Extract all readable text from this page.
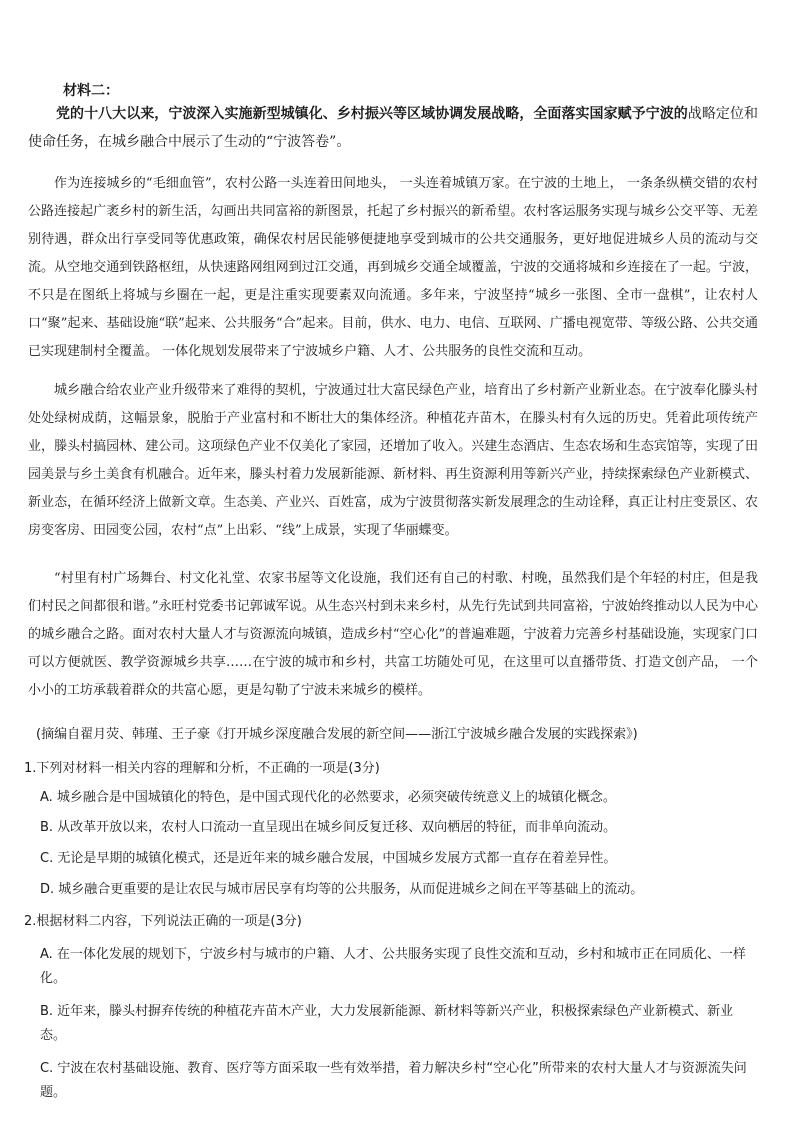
材料二：

党的十八大以来，宁波深入实施新型城镇化、乡村振兴等区域协调发展战略，全面落实国家赋予宁波的战略定位和使命任务，在城乡融合中展示了生动的“宁波答卷”。

作为连接城乡的“毛细血管”，农村公路一头连着田间地头， 一头连着城镇万家。在宁波的土地上， 一条条纵横交错的农村公路连接起广袤乡村的新生活，勾画出共同富裕的新图景，托起了乡村振兴的新希望。农村客运服务实现与城乡公交平等、无差别待遇，群众出行享受同等优惠政策，确保农村居民能够便捷地享受到城市的公共交通服务，更好地促进城乡人员的流动与交流。从空地交通到铁路枢纽，从快速路网组网到过江交通，再到城乡交通全域覆盖，宁波的交通将城和乡连接在了一起。宁波，不只是在图纸上将城与乡圈在一起，更是注重实现要素双向流通。多年来，宁波坚持“城乡一张图、全市一盘棋”，让农村人口“聚”起来、基础设施“联”起来、公共服务“合”起来。目前，供水、电力、电信、互联网、广播电视宽带、等级公路、公共交通已实现建制村全覆盖。 一体化规划发展带来了宁波城乡户籍、人才、公共服务的良性交流和互动。

城乡融合给农业产业升级带来了难得的契机，宁波通过壮大富民绿色产业，培育出了乡村新产业新业态。在宁波奉化滕头村处处绿树成荫，这幅景象，脱胎于产业富村和不断壮大的集体经济。种植花卉苗木，在滕头村有久远的历史。凭着此项传统产业，滕头村搞园林、建公司。这项绿色产业不仅美化了家园，还增加了收入。兴建生态酒店、生态农场和生态宾馆等，实现了田园美景与乡土美食有机融合。近年来，滕头村着力发展新能源、新材料、再生资源利用等新兴产业，持续探索绿色产业新模式、新业态，在循环经济上做新文章。生态美、产业兴、百姓富，成为宁波贯彻落实新发展理念的生动诠释，真正让村庄变景区、农房变客房、田园变公园，农村“点”上出彩、“线”上成景，实现了华丽蝶变。

“村里有村广场舞台、村文化礼堂、农家书屋等文化设施，我们还有自己的村歌、村晚，虽然我们是个年轻的村庄，但是我们村民之间都很和谐。”永旺村党委书记郭诚军说。从生态兴村到未来乡村，从先行先试到共同富裕，宁波始终推动以人民为中心的城乡融合之路。面对农村大量人才与资源流向城镇，造成乡村“空心化”的普遍难题，宁波着力完善乡村基础设施，实现家门口可以方便就医、教学资源城乡共享……在宁波的城市和乡村，共富工坊随处可见，在这里可以直播带货、打造文创产品， 一个小小的工坊承载着群众的共富心愿，更是勾勒了宁波未来城乡的模样。

(摘编自翟月荧、韩瑾、王子豪《打开城乡深度融合发展的新空间——浙江宁波城乡融合发展的实践探索》)

1.下列对材料一相关内容的理解和分析，不正确的一项是(3分)

A. 城乡融合是中国城镇化的特色，是中国式现代化的必然要求，必须突破传统意义上的城镇化概念。

B. 从改革开放以来，农村人口流动一直呈现出在城乡间反复迁移、双向栖居的特征，而非单向流动。

C. 无论是早期的城镇化模式，还是近年来的城乡融合发展，中国城乡发展方式都一直存在着差异性。

D. 城乡融合更重要的是让农民与城市居民享有均等的公共服务，从而促进城乡之间在平等基础上的流动。

2.根据材料二内容，下列说法正确的一项是(3分)

A. 在一体化发展的规划下，宁波乡村与城市的户籍、人才、公共服务实现了良性交流和互动，乡村和城市正在同质化、一样化。

B. 近年来，滕头村摒弃传统的种植花卉苗木产业，大力发展新能源、新材料等新兴产业，积极探索绿色产业新模式、新业态。

C. 宁波在农村基础设施、教育、医疗等方面采取一些有效举措，着力解决乡村“空心化”所带来的农村大量人才与资源流失问题。
